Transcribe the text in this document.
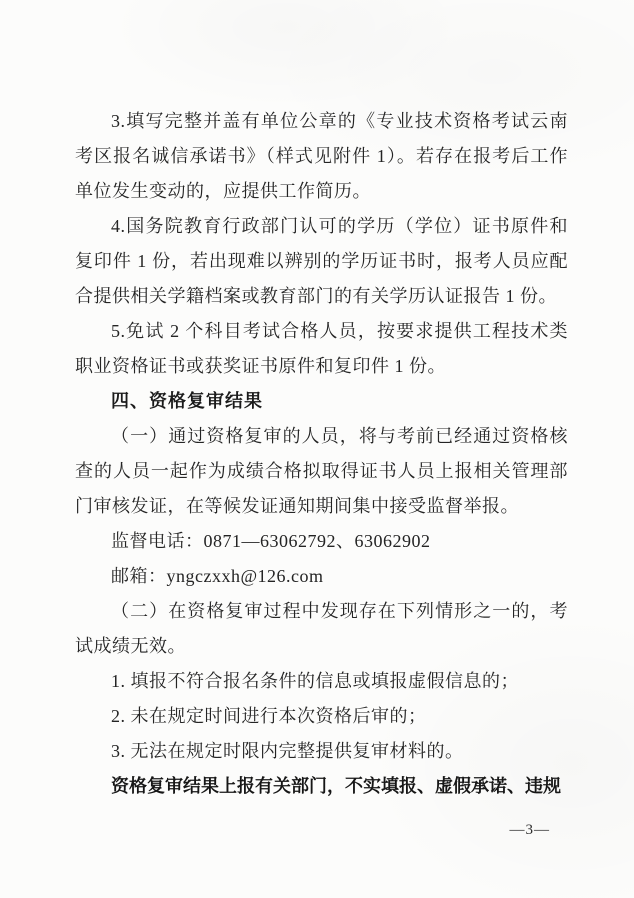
3.填写完整并盖有单位公章的《专业技术资格考试云南考区报名诚信承诺书》（样式见附件 1）。若存在报考后工作单位发生变动的，应提供工作简历。

4.国务院教育行政部门认可的学历（学位）证书原件和复印件 1 份，若出现难以辨别的学历证书时，报考人员应配合提供相关学籍档案或教育部门的有关学历认证报告 1 份。

5.免试 2 个科目考试合格人员，按要求提供工程技术类职业资格证书或获奖证书原件和复印件 1 份。

四、资格复审结果

（一）通过资格复审的人员，将与考前已经通过资格核查的人员一起作为成绩合格拟取得证书人员上报相关管理部门审核发证，在等候发证通知期间集中接受监督举报。

监督电话：0871—63062792、63062902

邮箱：yngczxxh@126.com

（二）在资格复审过程中发现存在下列情形之一的，考试成绩无效。

1. 填报不符合报名条件的信息或填报虚假信息的；

2. 未在规定时间进行本次资格后审的；

3. 无法在规定时限内完整提供复审材料的。

资格复审结果上报有关部门，不实填报、虚假承诺、违规

—3—
